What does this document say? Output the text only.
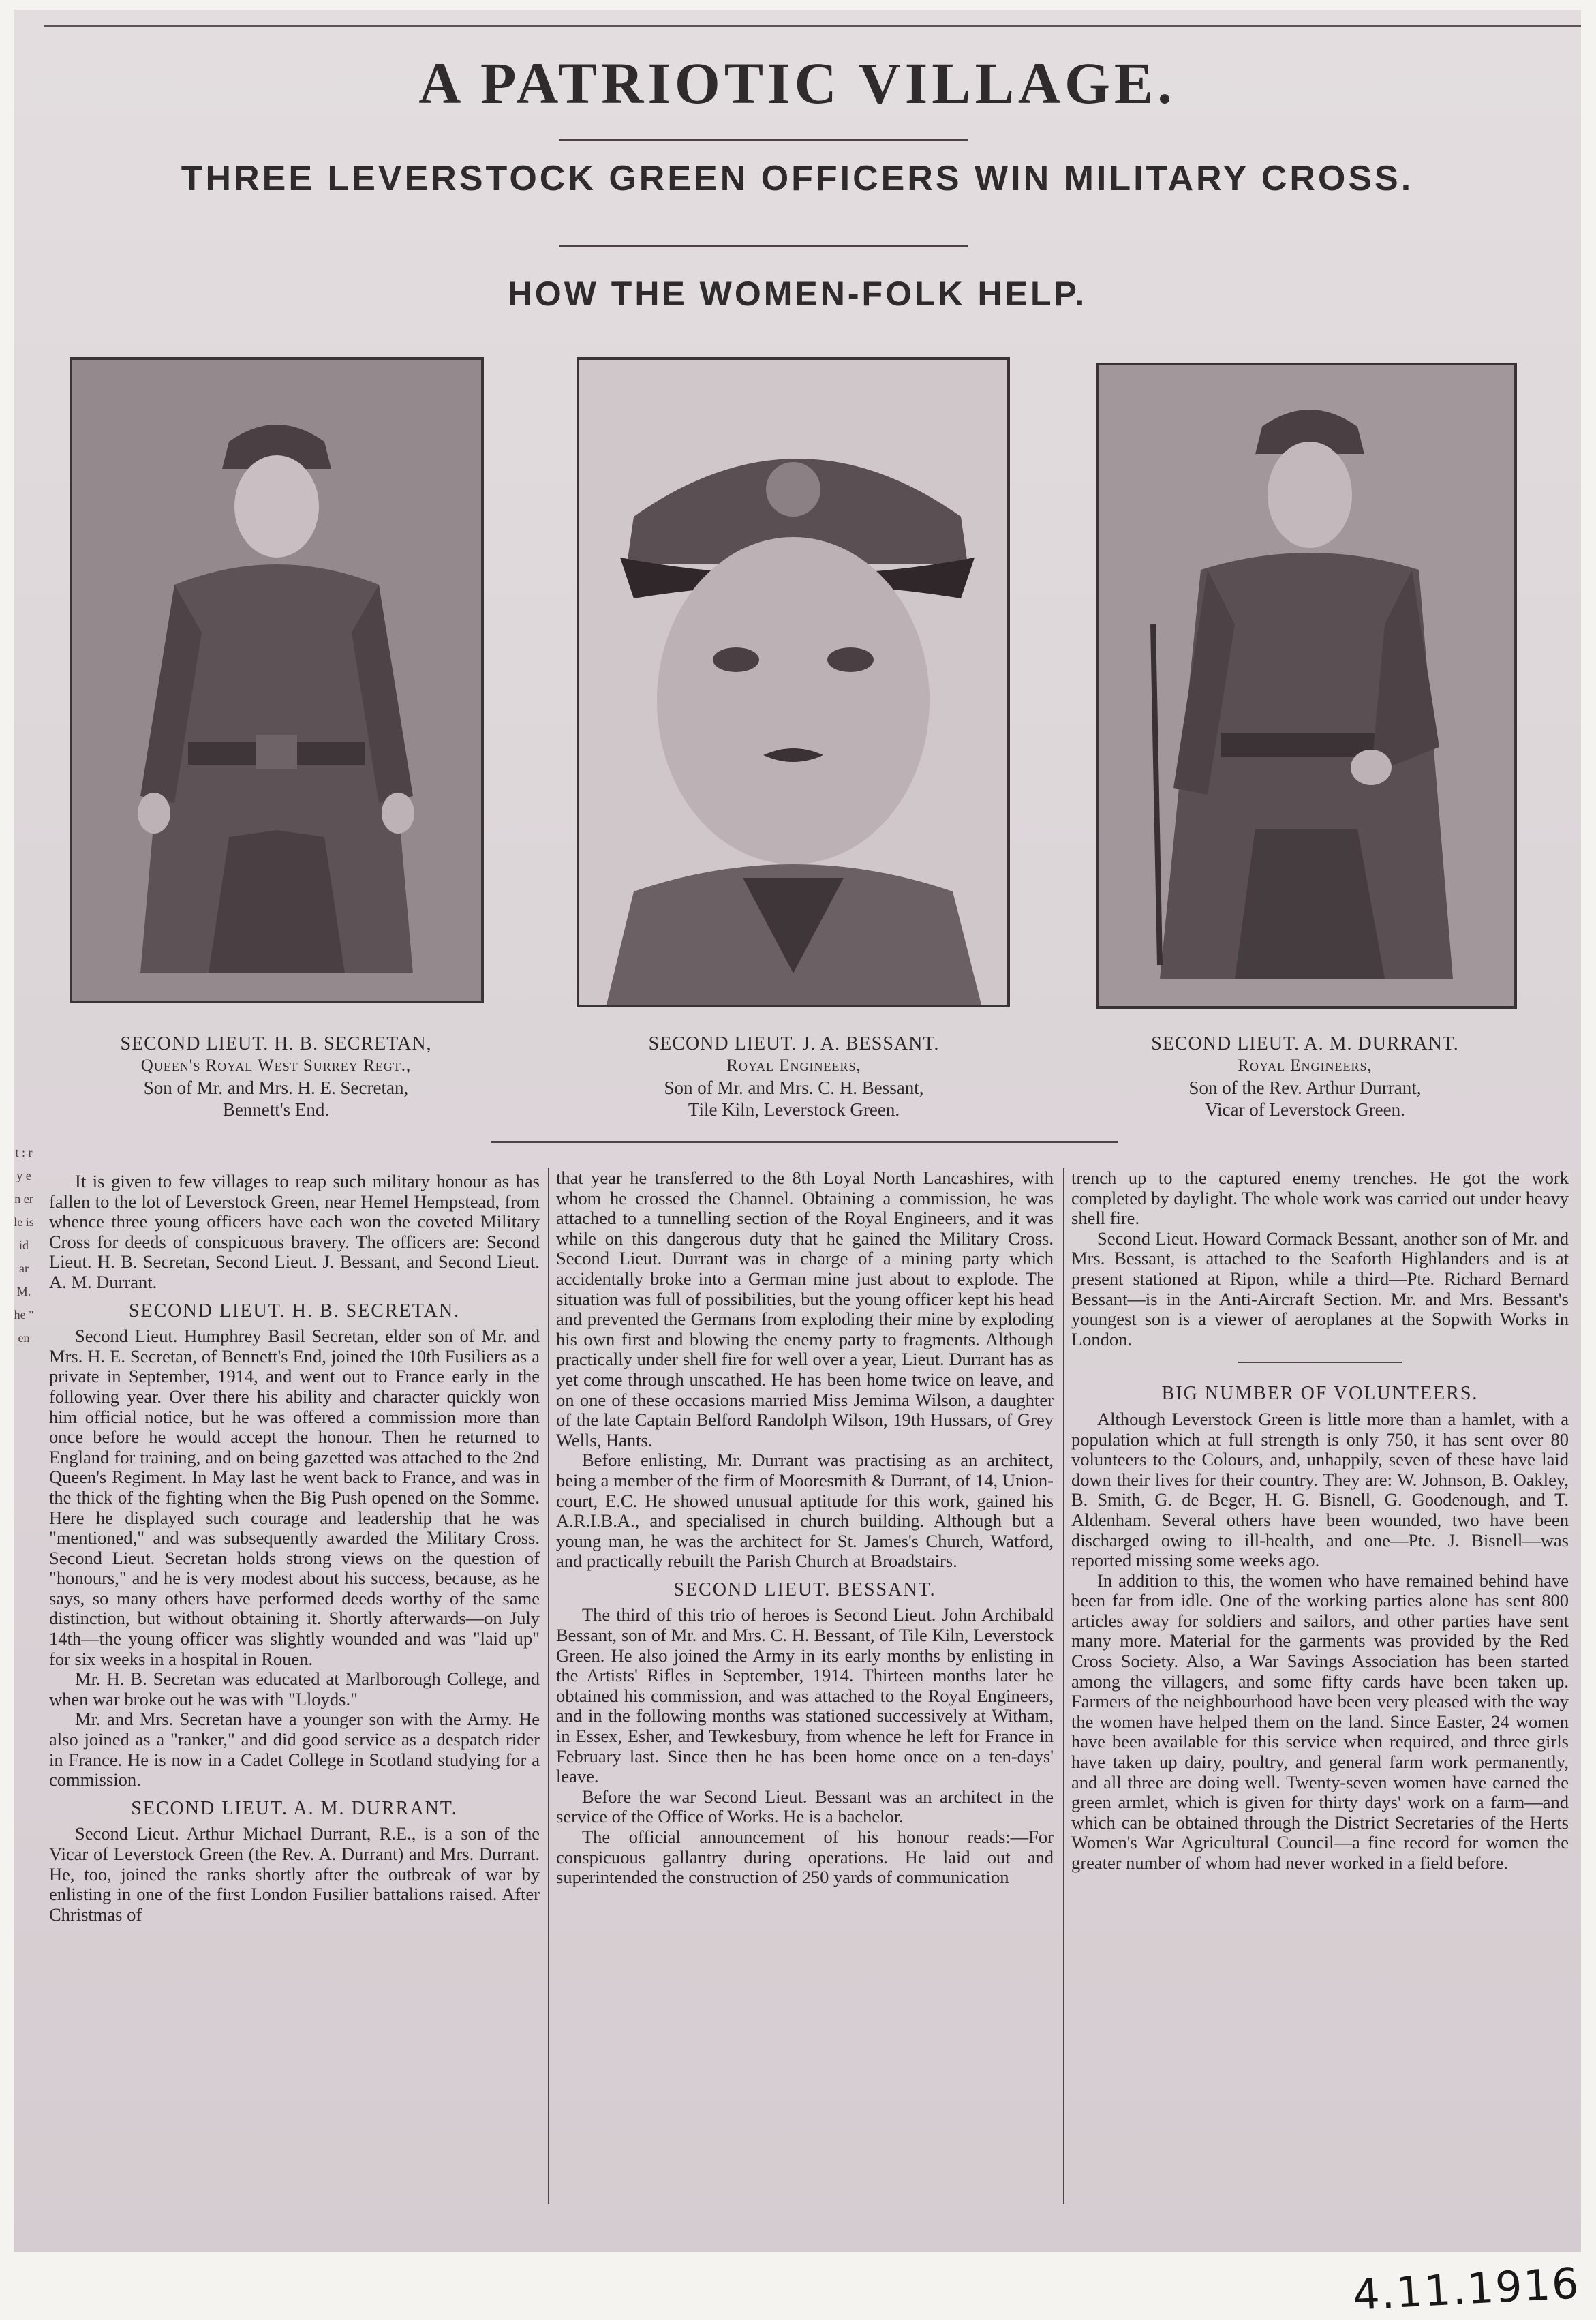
A PATRIOTIC VILLAGE.
THREE LEVERSTOCK GREEN OFFICERS WIN MILITARY CROSS.
HOW THE WOMEN-FOLK HELP.
SECOND LIEUT. H. B. SECRETAN,
Queen's Royal West Surrey Regt.,
Son of Mr. and Mrs. H. E. Secretan,
Bennett's End.
SECOND LIEUT. J. A. BESSANT.
Royal Engineers,
Son of Mr. and Mrs. C. H. Bessant,
Tile Kiln, Leverstock Green.
SECOND LIEUT. A. M. DURRANT.
Royal Engineers,
Son of the Rev. Arthur Durrant,
Vicar of Leverstock Green.

It is given to few villages to reap such military honour as has fallen to the lot of Leverstock Green, near Hemel Hempstead, from whence three young officers have each won the coveted Military Cross for deeds of conspicuous bravery. The officers are: Second Lieut. H. B. Secretan, Second Lieut. J. Bessant, and Second Lieut. A. M. Durrant.

SECOND LIEUT. H. B. SECRETAN.

Second Lieut. Humphrey Basil Secretan, elder son of Mr. and Mrs. H. E. Secretan, of Bennett's End, joined the 10th Fusiliers as a private in September, 1914, and went out to France early in the following year. Over there his ability and character quickly won him official notice, but he was offered a commission more than once before he would accept the honour. Then he returned to England for training, and on being gazetted was attached to the 2nd Queen's Regiment. In May last he went back to France, and was in the thick of the fighting when the Big Push opened on the Somme. Here he displayed such courage and leadership that he was "mentioned," and was subsequently awarded the Military Cross. Second Lieut. Secretan holds strong views on the question of "honours," and he is very modest about his success, because, as he says, so many others have performed deeds worthy of the same distinction, but without obtaining it. Shortly afterwards—on July 14th—the young officer was slightly wounded and was "laid up" for six weeks in a hospital in Rouen.

Mr. H. B. Secretan was educated at Marlborough College, and when war broke out he was with "Lloyds."

Mr. and Mrs. Secretan have a younger son with the Army. He also joined as a "ranker," and did good service as a despatch rider in France. He is now in a Cadet College in Scotland studying for a commission.

SECOND LIEUT. A. M. DURRANT.

Second Lieut. Arthur Michael Durrant, R.E., is a son of the Vicar of Leverstock Green (the Rev. A. Durrant) and Mrs. Durrant. He, too, joined the ranks shortly after the outbreak of war by enlisting in one of the first London Fusilier battalions raised. After Christmas of

that year he transferred to the 8th Loyal North Lancashires, with whom he crossed the Channel. Obtaining a commission, he was attached to a tunnelling section of the Royal Engineers, and it was while on this dangerous duty that he gained the Military Cross. Second Lieut. Durrant was in charge of a mining party which accidentally broke into a German mine just about to explode. The situation was full of possibilities, but the young officer kept his head and prevented the Germans from exploding their mine by exploding his own first and blowing the enemy party to fragments. Although practically under shell fire for well over a year, Lieut. Durrant has as yet come through unscathed. He has been home twice on leave, and on one of these occasions married Miss Jemima Wilson, a daughter of the late Captain Belford Randolph Wilson, 19th Hussars, of Grey Wells, Hants.

Before enlisting, Mr. Durrant was practising as an architect, being a member of the firm of Mooresmith & Durrant, of 14, Union-court, E.C. He showed unusual aptitude for this work, gained his A.R.I.B.A., and specialised in church building. Although but a young man, he was the architect for St. James's Church, Watford, and practically rebuilt the Parish Church at Broadstairs.

SECOND LIEUT. BESSANT.

The third of this trio of heroes is Second Lieut. John Archibald Bessant, son of Mr. and Mrs. C. H. Bessant, of Tile Kiln, Leverstock Green. He also joined the Army in its early months by enlisting in the Artists' Rifles in September, 1914. Thirteen months later he obtained his commission, and was attached to the Royal Engineers, and in the following months was stationed successively at Witham, in Essex, Esher, and Tewkesbury, from whence he left for France in February last. Since then he has been home once on a ten-days' leave.

Before the war Second Lieut. Bessant was an architect in the service of the Office of Works. He is a bachelor.

The official announcement of his honour reads:—For conspicuous gallantry during operations. He laid out and superintended the construction of 250 yards of communication

trench up to the captured enemy trenches. He got the work completed by daylight. The whole work was carried out under heavy shell fire.

Second Lieut. Howard Cormack Bessant, another son of Mr. and Mrs. Bessant, is attached to the Seaforth Highlanders and is at present stationed at Ripon, while a third—Pte. Richard Bernard Bessant—is in the Anti-Aircraft Section. Mr. and Mrs. Bessant's youngest son is a viewer of aeroplanes at the Sopwith Works in London.

BIG NUMBER OF VOLUNTEERS.

Although Leverstock Green is little more than a hamlet, with a population which at full strength is only 750, it has sent over 80 volunteers to the Colours, and, unhappily, seven of these have laid down their lives for their country. They are: W. Johnson, B. Oakley, B. Smith, G. de Beger, H. G. Bisnell, G. Goodenough, and T. Aldenham. Several others have been wounded, two have been discharged owing to ill-health, and one—Pte. J. Bisnell—was reported missing some weeks ago.

In addition to this, the women who have remained behind have been far from idle. One of the working parties alone has sent 800 articles away for soldiers and sailors, and other parties have sent many more. Material for the garments was provided by the Red Cross Society. Also, a War Savings Association has been started among the villagers, and some fifty cards have been taken up. Farmers of the neighbourhood have been very pleased with the way the women have helped them on the land. Since Easter, 24 women have been available for this service when required, and three girls have taken up dairy, poultry, and general farm work permanently, and all three are doing well. Twenty-seven women have earned the green armlet, which is given for thirty days' work on a farm—and which can be obtained through the District Secretaries of the Herts Women's War Agricultural Council—a fine record for women the greater number of whom had never worked in a field before.

t : r y e n er le is id ar M. he " en
4.11.1916
